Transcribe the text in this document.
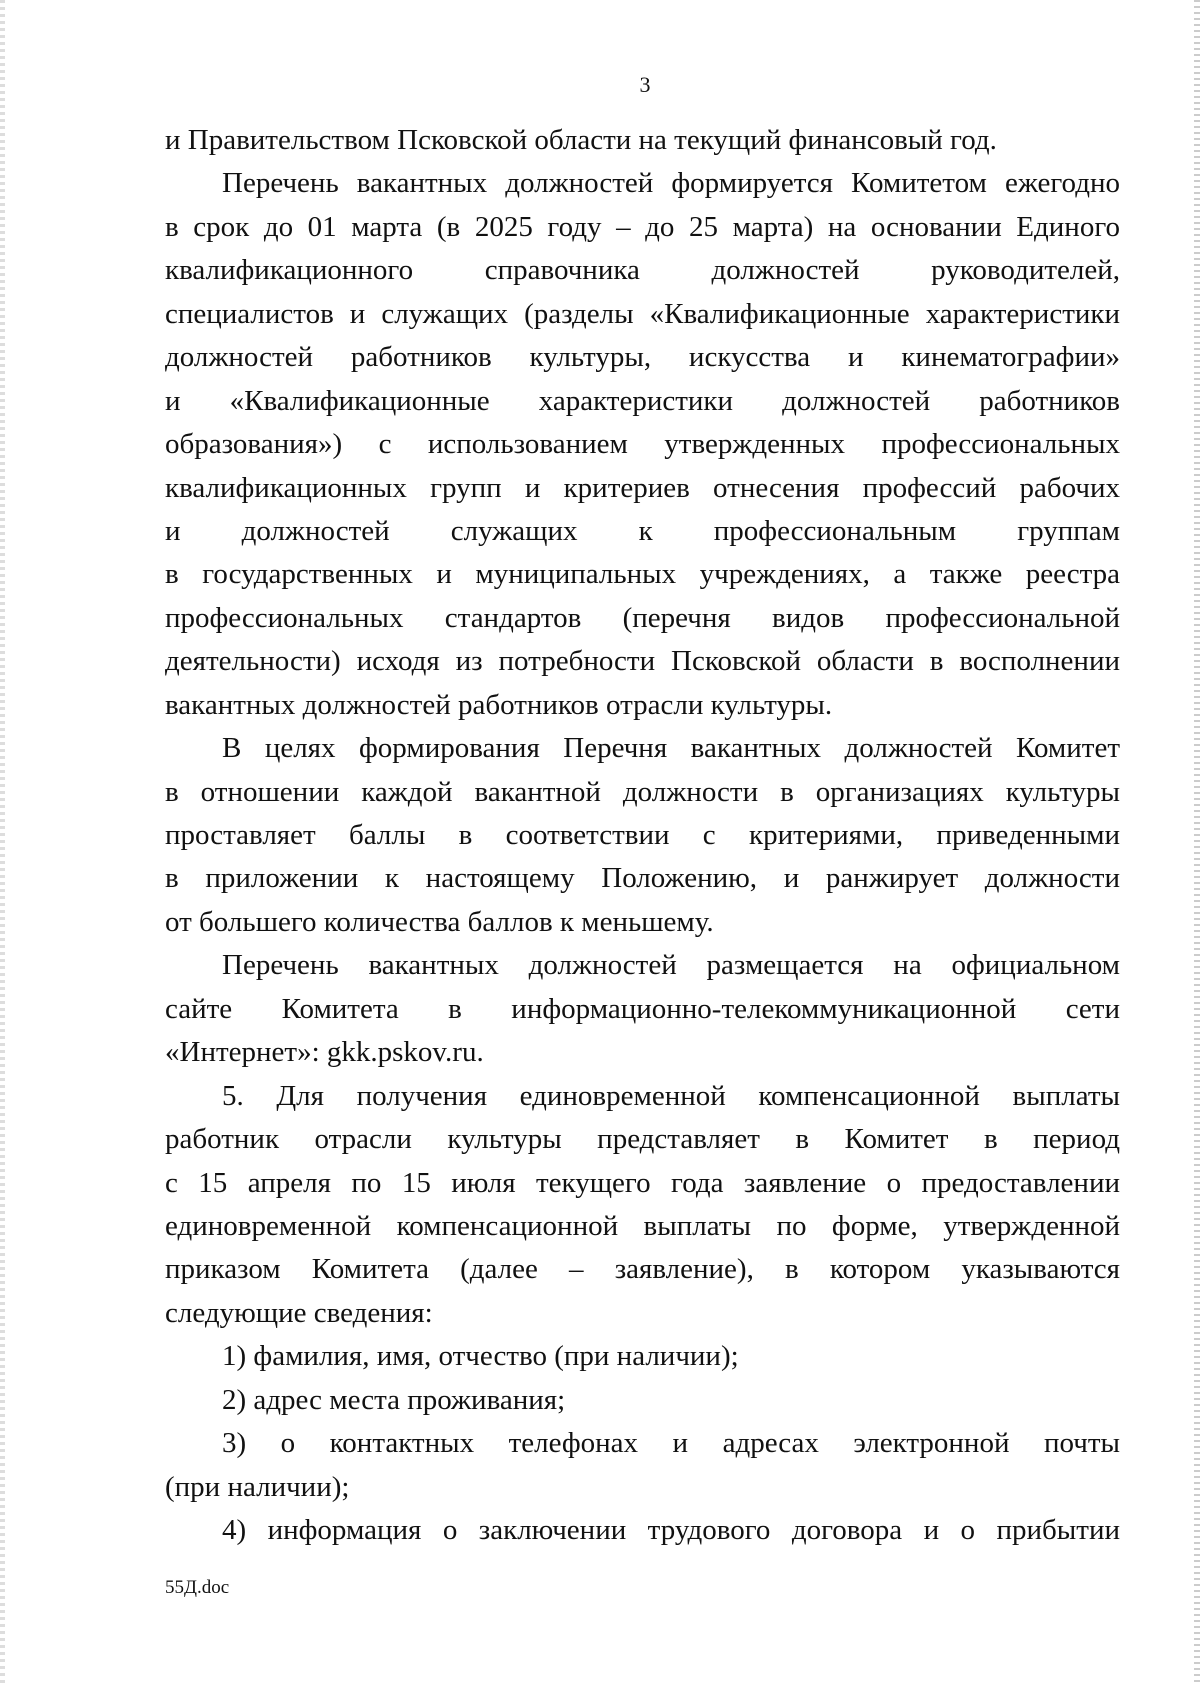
3
и Правительством Псковской области на текущий финансовый год.
Перечень вакантных должностей формируется Комитетом ежегодно
в срок до 01 марта (в 2025 году – до 25 марта) на основании Единого
квалификационного справочника должностей руководителей,
специалистов и служащих (разделы «Квалификационные характеристики
должностей работников культуры, искусства и кинематографии»
и «Квалификационные характеристики должностей работников
образования») с использованием утвержденных профессиональных
квалификационных групп и критериев отнесения профессий рабочих
и должностей служащих к профессиональным группам
в государственных и муниципальных учреждениях, а также реестра
профессиональных стандартов (перечня видов профессиональной
деятельности) исходя из потребности Псковской области в восполнении
вакантных должностей работников отрасли культуры.
В целях формирования Перечня вакантных должностей Комитет
в отношении каждой вакантной должности в организациях культуры
проставляет баллы в соответствии с критериями, приведенными
в приложении к настоящему Положению, и ранжирует должности
от большего количества баллов к меньшему.
Перечень вакантных должностей размещается на официальном
сайте Комитета в информационно-телекоммуникационной сети
«Интернет»: gkk.pskov.ru.
5. Для получения единовременной компенсационной выплаты
работник отрасли культуры представляет в Комитет в период
с 15 апреля по 15 июля текущего года заявление о предоставлении
единовременной компенсационной выплаты по форме, утвержденной
приказом Комитета (далее – заявление), в котором указываются
следующие сведения:
1) фамилия, имя, отчество (при наличии);
2) адрес места проживания;
3) о контактных телефонах и адресах электронной почты
(при наличии);
4) информация о заключении трудового договора и о прибытии
55Д.doc
